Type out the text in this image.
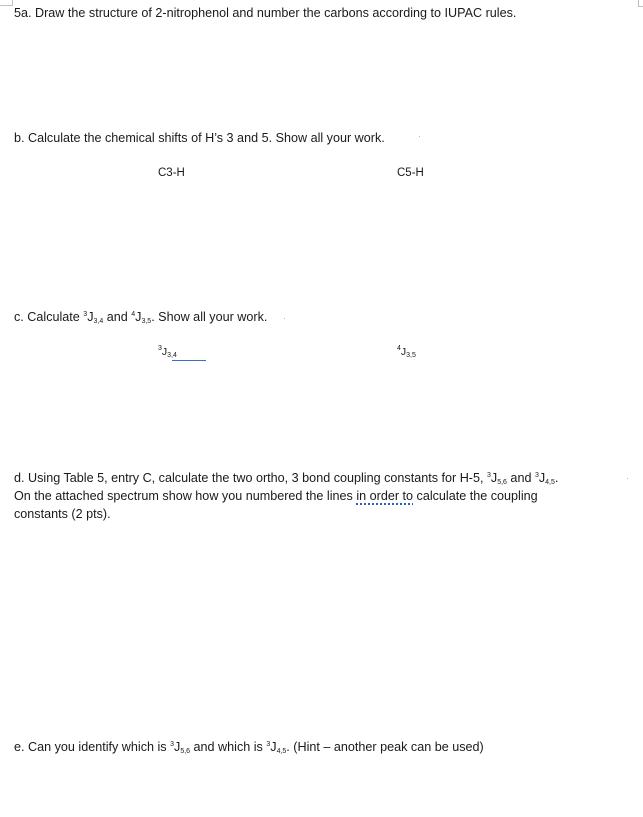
5a. Draw the structure of 2-nitrophenol and number the carbons according to IUPAC rules.

b. Calculate the chemical shifts of H’s 3 and 5. Show all your work.

C3-H	C5-H

c. Calculate $^3J_{3,4}$ and $^4J_{3,5}$. Show all your work.

$^3J_{3,4}$
$^4J_{3,5}$
d. Using Table 5, entry C, calculate the two ortho, 3 bond coupling constants for H-5, $^3J_{5,6}$ and $^3J_{4,5}$.
On the attached spectrum show how you numbered the lines in order to calculate the coupling
constants (2 pts).

e. Can you identify which is $^3J_{5,6}$ and which is $^3J_{4,5}$. (Hint – another peak can be used)
